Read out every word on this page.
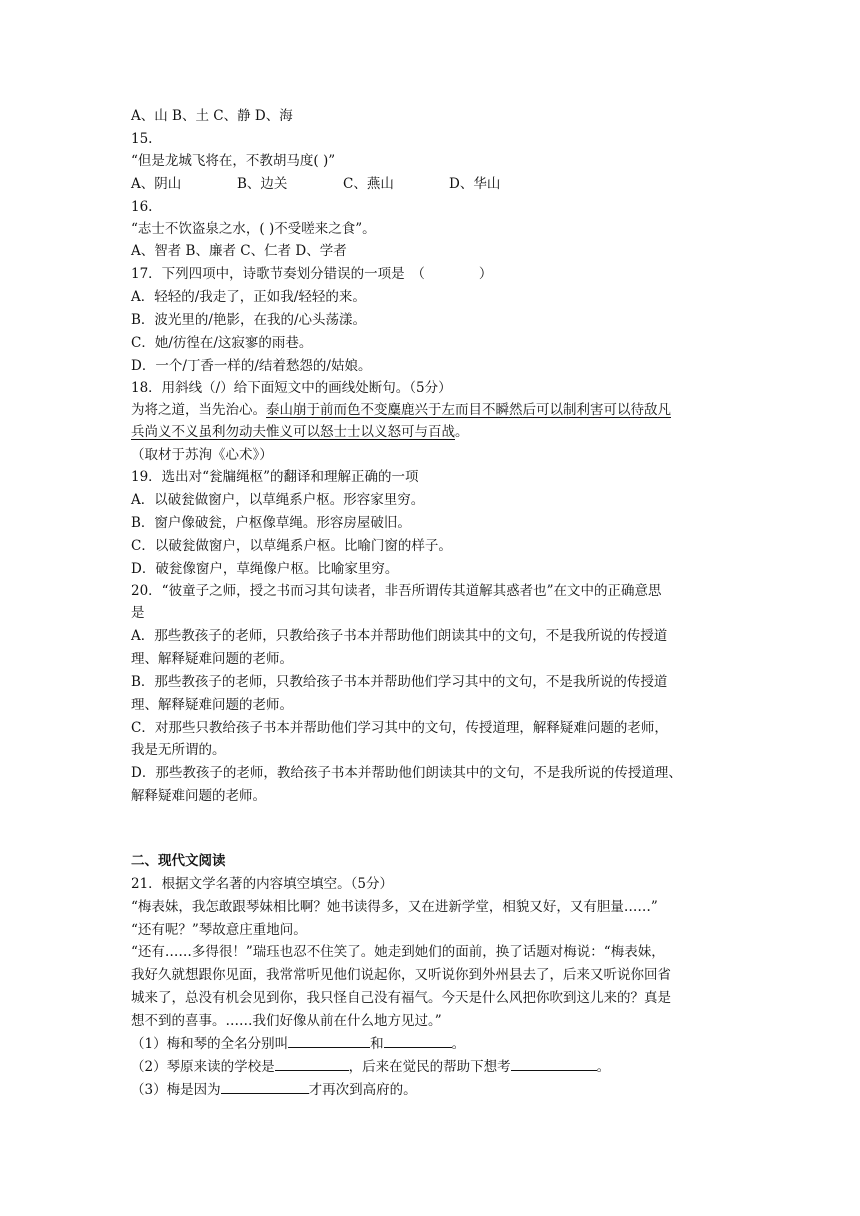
A、山 B、土 C、静 D、海
15.
“但是龙城飞将在，不教胡马度( )”
A、阴山	B、边关	C、燕山	D、华山
16.
“志士不饮盗泉之水，( )不受嗟来之食”。
A、智者 B、廉者 C、仁者 D、学者
17．下列四项中，诗歌节奏划分错误的一项是　（　　　　）
A．轻轻的/我走了，正如我/轻轻的来。
B．波光里的/艳影，在我的/心头荡漾。
C．她/彷徨在/这寂寥的雨巷。
D．一个/丁香一样的/结着愁怨的/姑娘。
18．用斜线（/）给下面短文中的画线处断句。（5分）
为将之道，当先治心。泰山崩于前而色不变麋鹿兴于左而目不瞬然后可以制利害可以待敌凡
兵尚义不义虽利勿动夫惟义可以怒士士以义怒可与百战。
（取材于苏洵《心术》）
19．选出对“瓮牖绳枢”的翻译和理解正确的一项
A．以破瓮做窗户，以草绳系户枢。形容家里穷。
B．窗户像破瓮，户枢像草绳。形容房屋破旧。
C．以破瓮做窗户，以草绳系户枢。比喻门窗的样子。
D．破瓮像窗户，草绳像户枢。比喻家里穷。
20．“彼童子之师，授之书而习其句读者，非吾所谓传其道解其惑者也”在文中的正确意思
是
A．那些教孩子的老师，只教给孩子书本并帮助他们朗读其中的文句，不是我所说的传授道
理、解释疑难问题的老师。
B．那些教孩子的老师，只教给孩子书本并帮助他们学习其中的文句，不是我所说的传授道
理、解释疑难问题的老师。
C．对那些只教给孩子书本并帮助他们学习其中的文句，传授道理，解释疑难问题的老师，
我是无所谓的。
D．那些教孩子的老师，教给孩子书本并帮助他们朗读其中的文句，不是我所说的传授道理、
解释疑难问题的老师。
二、现代文阅读
21．根据文学名著的内容填空填空。（5分）
“梅表妹，我怎敢跟琴妹相比啊？她书读得多，又在进新学堂，相貌又好，又有胆量……”
“还有呢？”琴故意庄重地问。
“还有……多得很！”瑞珏也忍不住笑了。她走到她们的面前，换了话题对梅说：“梅表妹，
我好久就想跟你见面，我常常听见他们说起你，又听说你到外州县去了，后来又听说你回省
城来了，总没有机会见到你，我只怪自己没有福气。今天是什么风把你吹到这儿来的？真是
想不到的喜事。……我们好像从前在什么地方见过。”
（1）梅和琴的全名分别叫	和	。
（2）琴原来读的学校是	，后来在觉民的帮助下想考	。
（3）梅是因为	才再次到高府的。
